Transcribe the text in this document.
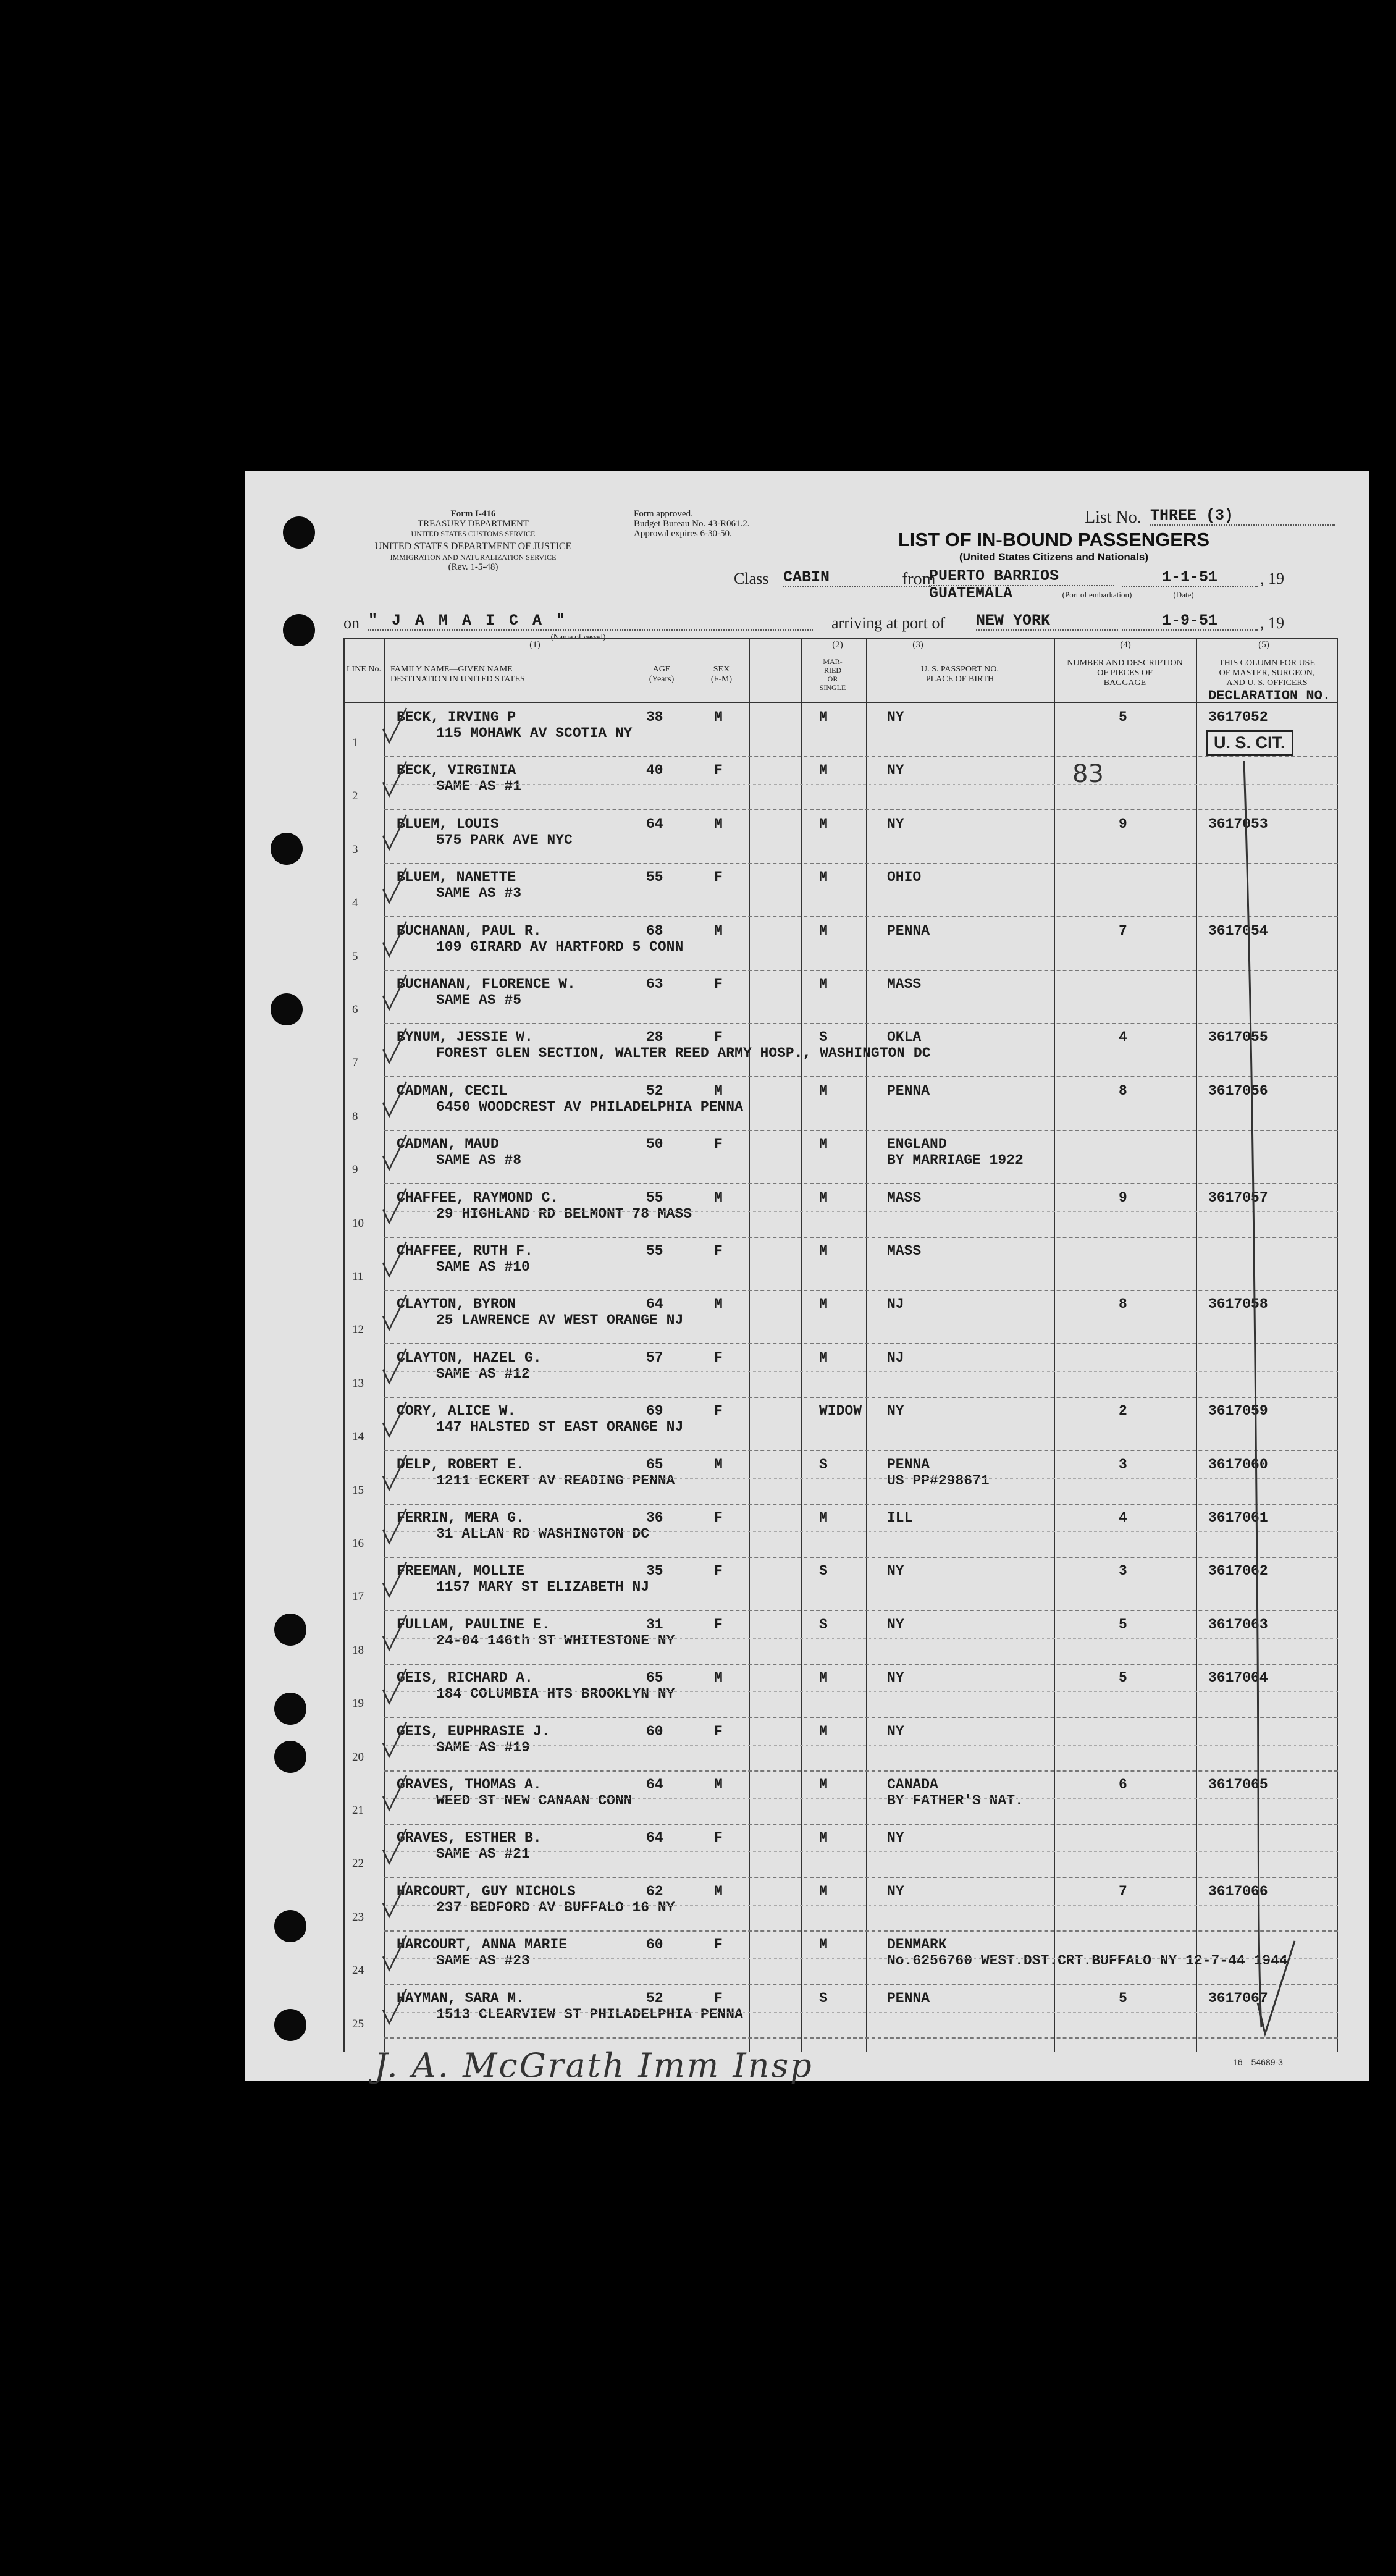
Form I-416
TREASURY DEPARTMENT
UNITED STATES CUSTOMS SERVICE
UNITED STATES DEPARTMENT OF JUSTICE
IMMIGRATION AND NATURALIZATION SERVICE
(Rev. 1-5-48)
Form approved.
Budget Bureau No. 43-R061.2.
Approval expires 6-30-50.
List No. THREE (3)
LIST OF IN-BOUND PASSENGERS
(United States Citizens and Nationals)
Class CABIN	from
PUERTO BARRIOS
GUATEMALA	(Port of embarkation)
1-1-51	, 19
(Date)
on " J A M A I C A "
(Name of vessel)
arriving at port of NEW YORK	1-9-51	, 19
(1)	(2)	(3)	(4)	(5)
LINE No. FAMILY NAME—GIVEN NAME
DESTINATION IN UNITED STATES
AGE
(Years)
SEX
(F-M)
MAR-
RIED
OR
SINGLE
U. S. PASSPORT NO.
PLACE OF BIRTH
NUMBER AND DESCRIPTION
OF PIECES OF
BAGGAGE
THIS COLUMN FOR USE
OF MASTER, SURGEON,
AND U. S. OFFICERS
DECLARATION NO.
1
BECK, IRVING P
115 MOHAWK AV SCOTIA NY
38	M	M	NY	5	3617052
2
BECK, VIRGINIA
SAME AS #1
40	F	M	NY
3
BLUEM, LOUIS
575 PARK AVE NYC
64	M	M	NY	9	3617053
4
BLUEM, NANETTE
SAME AS #3
55	F	M	OHIO
5
BUCHANAN, PAUL R.
109 GIRARD AV HARTFORD 5 CONN
68	M	M	PENNA	7	3617054
6
BUCHANAN, FLORENCE W.
SAME AS #5
63	F	M	MASS
7
BYNUM, JESSIE W.
FOREST GLEN SECTION, WALTER REED ARMY HOSP., WASHINGTON DC
28	F	S	OKLA	4	3617055
8
CADMAN, CECIL
6450 WOODCREST AV PHILADELPHIA PENNA
52	M	M	PENNA	8	3617056
9
CADMAN, MAUD
SAME AS #8
50	F	M	ENGLAND
BY MARRIAGE 1922
10
CHAFFEE, RAYMOND C.
29 HIGHLAND RD BELMONT 78 MASS
55	M	M	MASS	9	3617057
11
CHAFFEE, RUTH F.
SAME AS #10
55	F	M	MASS
12
CLAYTON, BYRON
25 LAWRENCE AV WEST ORANGE NJ
64	M	M	NJ	8	3617058
13
CLAYTON, HAZEL G.
SAME AS #12
57	F	M	NJ
14
CORY, ALICE W.
147 HALSTED ST EAST ORANGE NJ
69	F	WIDOW NY	2	3617059
15
DELP, ROBERT E.
1211 ECKERT AV READING PENNA
65	M	S	PENNA
US PP#298671
3	3617060
16
FERRIN, MERA G.
31 ALLAN RD WASHINGTON DC
36	F	M	ILL	4	3617061
17
FREEMAN, MOLLIE
1157 MARY ST ELIZABETH NJ
35	F	S	NY	3	3617062
18
FULLAM, PAULINE E.
24-04 146th ST WHITESTONE NY
31	F	S	NY	5	3617063
19
GEIS, RICHARD A.
184 COLUMBIA HTS BROOKLYN NY
65	M	M	NY	5	3617064
20
GEIS, EUPHRASIE J.
SAME AS #19
60	F	M	NY
21
GRAVES, THOMAS A.
WEED ST NEW CANAAN CONN
64	M	M	CANADA
BY FATHER'S NAT.
6	3617065
22
GRAVES, ESTHER B.
SAME AS #21
64	F	M	NY
23
HARCOURT, GUY NICHOLS
237 BEDFORD AV BUFFALO 16 NY
62	M	M	NY	7	3617066
24
HARCOURT, ANNA MARIE
SAME AS #23
60	F	M	DENMARK
No.6256760 WEST.DST.CRT.BUFFALO NY 12-7-44 1944
25
HAYMAN, SARA M.
1513 CLEARVIEW ST PHILADELPHIA PENNA
52	F	S	PENNA	5	3617067
U. S. CIT.
83
J. A. McGrath Imm Insp	16—54689-3
